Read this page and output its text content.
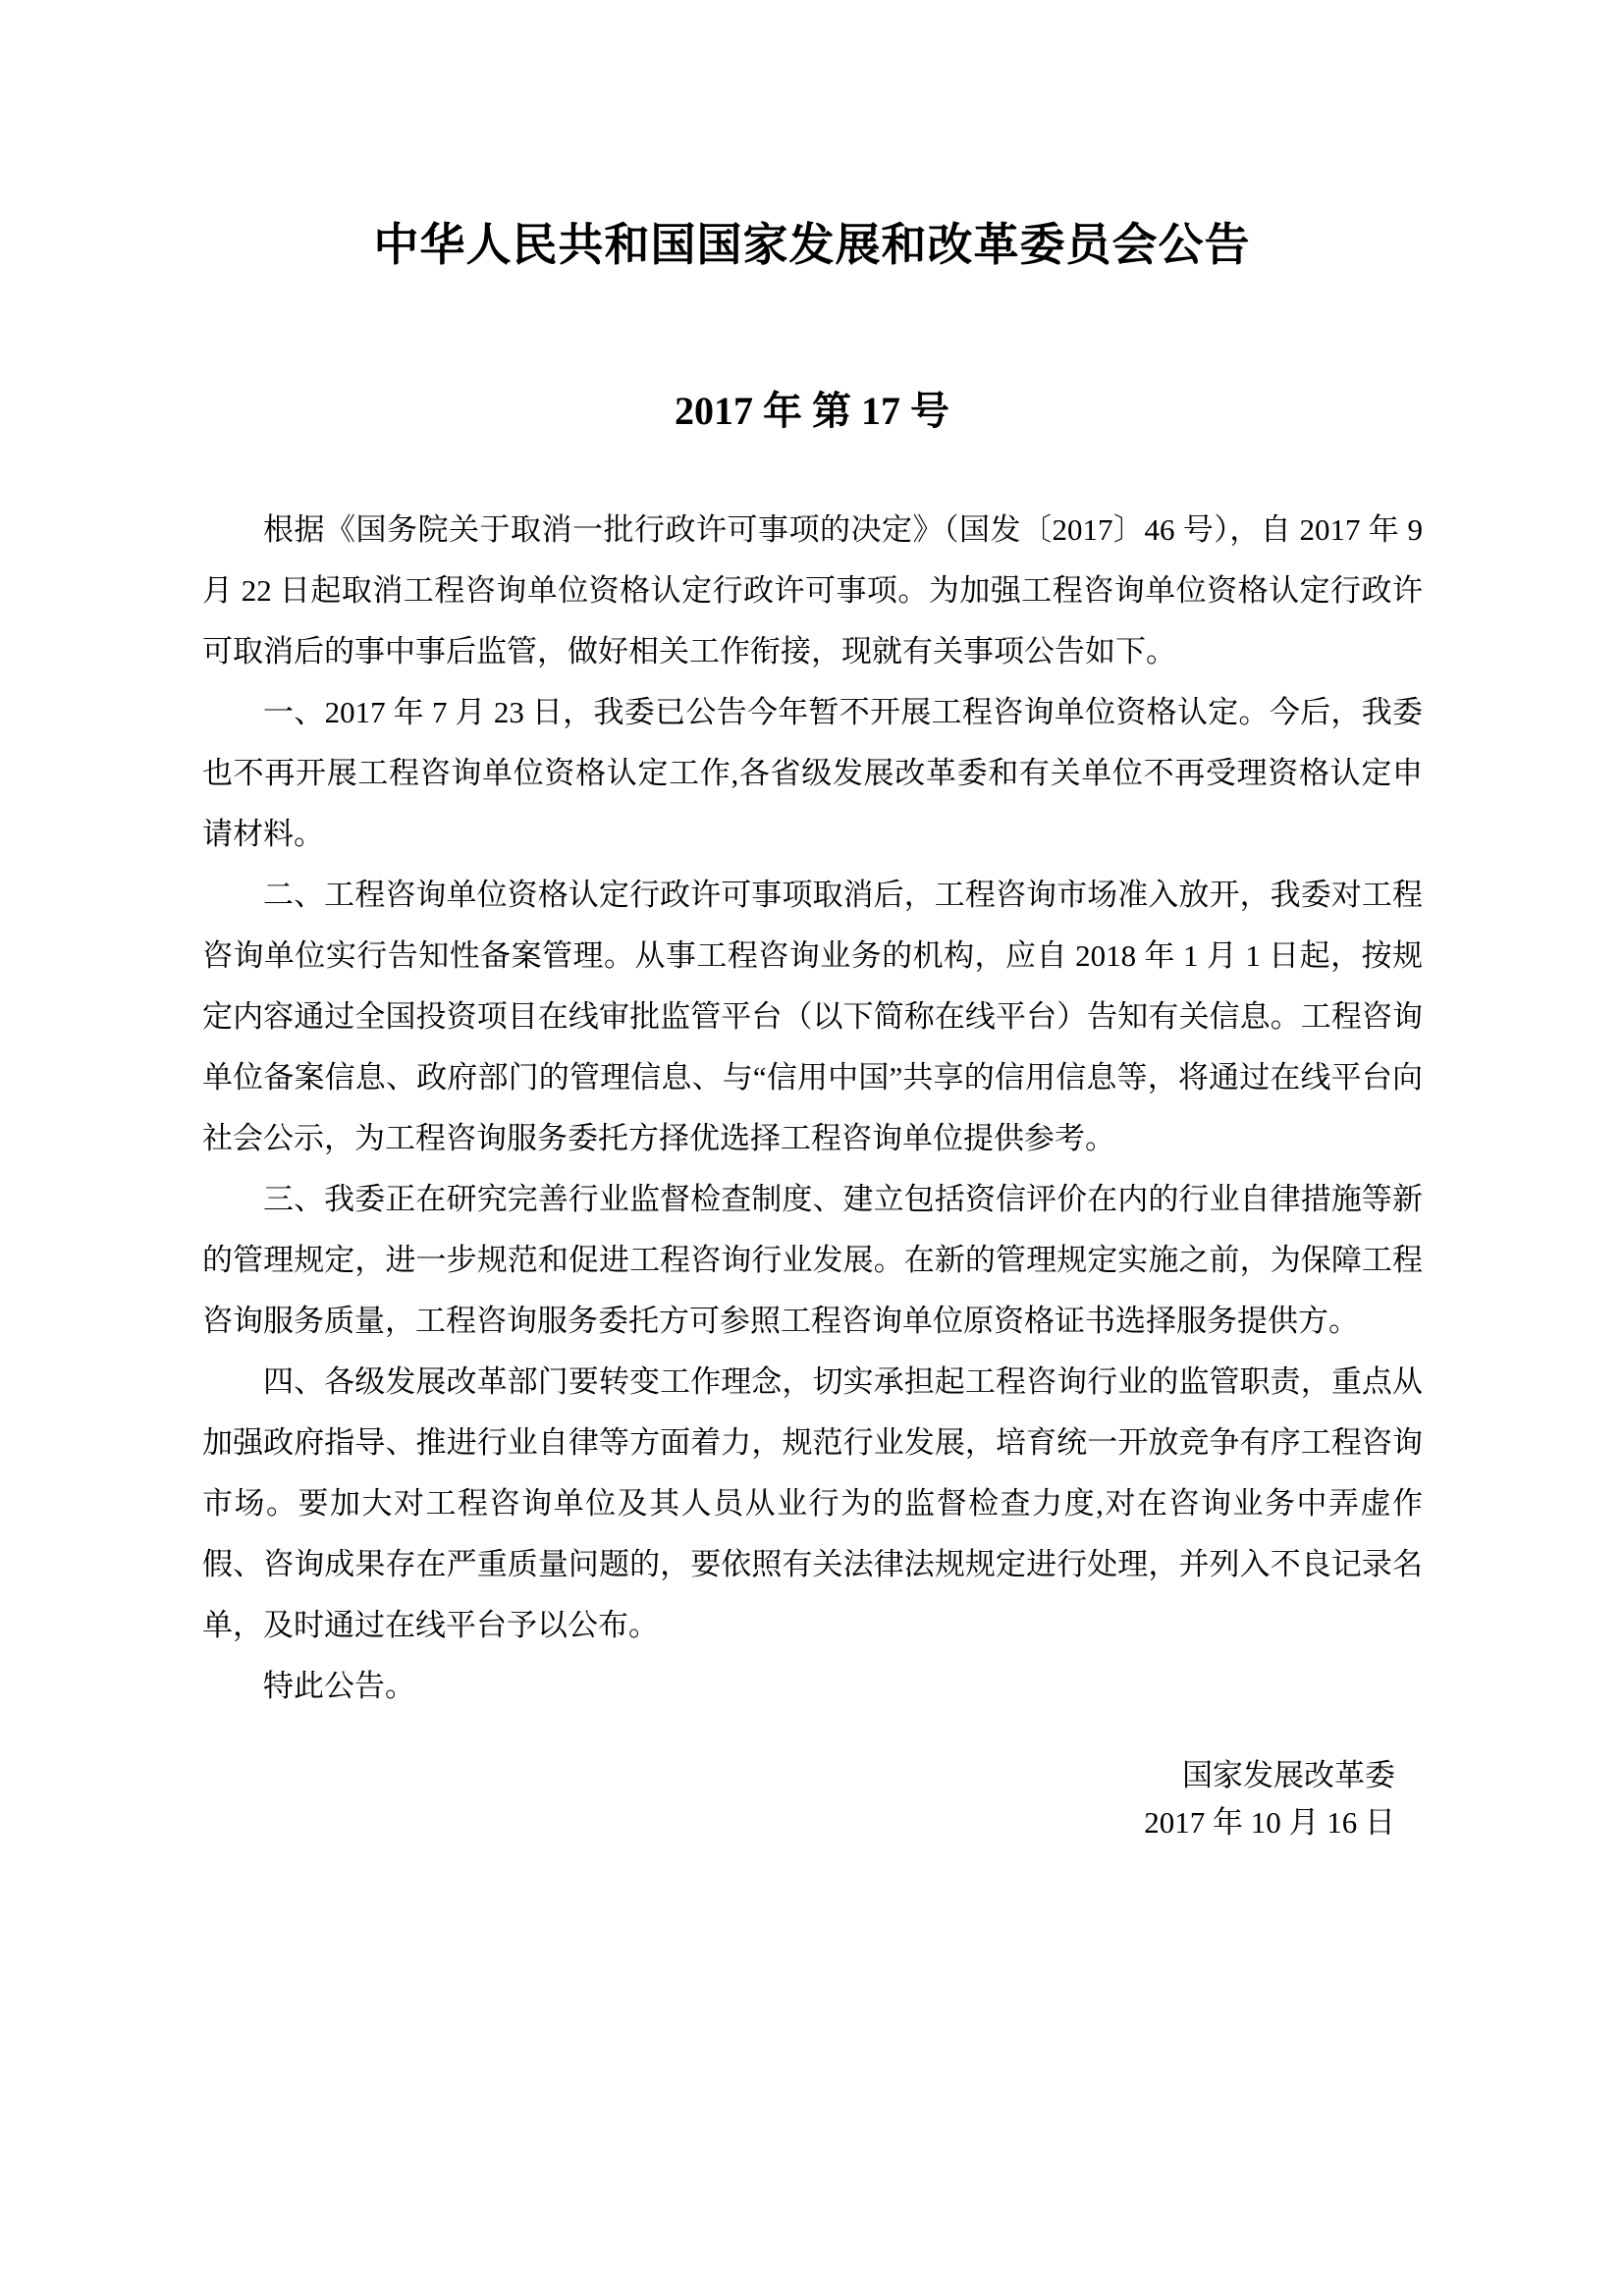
中华人民共和国国家发展和改革委员会公告
2017 年 第 17 号

根据《国务院关于取消一批行政许可事项的决定》（国发〔2017〕46 号），自 2017 年 9 月 22 日起取消工程咨询单位资格认定行政许可事项。为加强工程咨询单位资格认定行政许可取消后的事中事后监管，做好相关工作衔接，现就有关事项公告如下。

一、2017 年 7 月 23 日，我委已公告今年暂不开展工程咨询单位资格认定。今后，我委也不再开展工程咨询单位资格认定工作,各省级发展改革委和有关单位不再受理资格认定申请材料。

二、工程咨询单位资格认定行政许可事项取消后，工程咨询市场准入放开，我委对工程咨询单位实行告知性备案管理。从事工程咨询业务的机构，应自 2018 年 1 月 1 日起，按规定内容通过全国投资项目在线审批监管平台（以下简称在线平台）告知有关信息。工程咨询单位备案信息、政府部门的管理信息、与“信用中国”共享的信用信息等，将通过在线平台向社会公示，为工程咨询服务委托方择优选择工程咨询单位提供参考。

三、我委正在研究完善行业监督检查制度、建立包括资信评价在内的行业自律措施等新的管理规定，进一步规范和促进工程咨询行业发展。在新的管理规定实施之前，为保障工程咨询服务质量，工程咨询服务委托方可参照工程咨询单位原资格证书选择服务提供方。

四、各级发展改革部门要转变工作理念，切实承担起工程咨询行业的监管职责，重点从加强政府指导、推进行业自律等方面着力，规范行业发展，培育统一开放竞争有序工程咨询市场。要加大对工程咨询单位及其人员从业行为的监督检查力度,对在咨询业务中弄虚作假、咨询成果存在严重质量问题的，要依照有关法律法规规定进行处理，并列入不良记录名单，及时通过在线平台予以公布。

特此公告。

国家发展改革委
2017 年 10 月 16 日
